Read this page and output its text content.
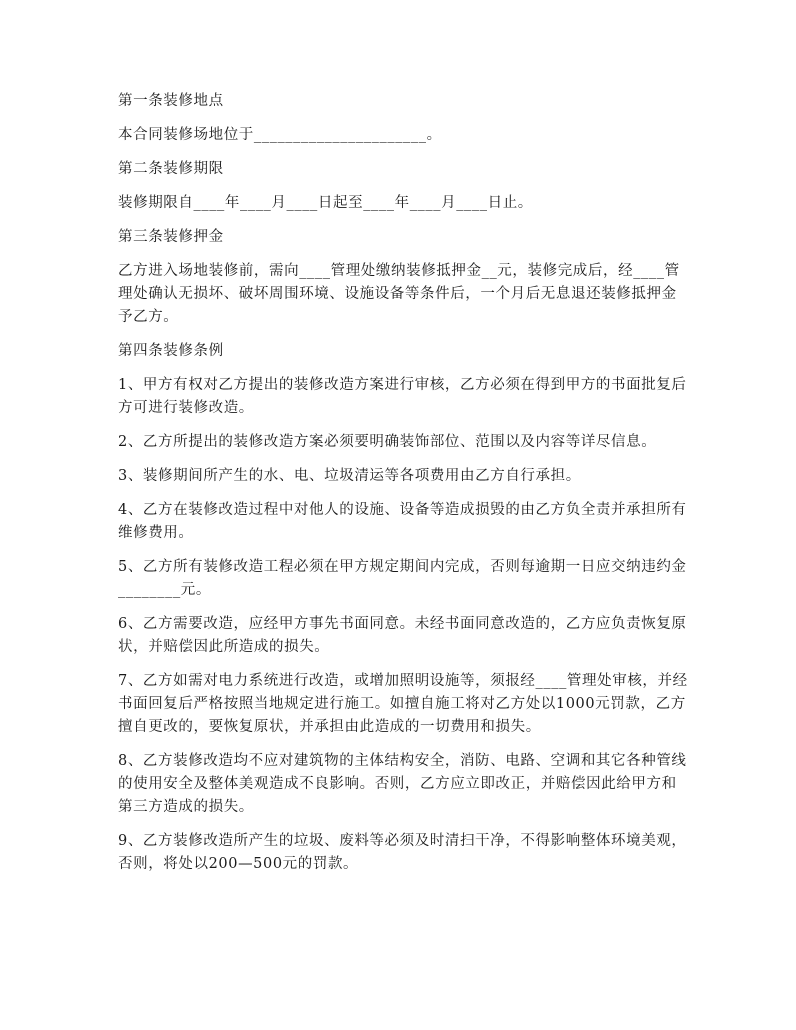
第一条装修地点

本合同装修场地位于______________________。

第二条装修期限

装修期限自____年____月____日起至____年____月____日止。

第三条装修押金

乙方进入场地装修前，需向____管理处缴纳装修抵押金__元，装修完成后，经____管理处确认无损坏、破坏周围环境、设施设备等条件后，一个月后无息退还装修抵押金予乙方。

第四条装修条例

1、甲方有权对乙方提出的装修改造方案进行审核，乙方必须在得到甲方的书面批复后方可进行装修改造。

2、乙方所提出的装修改造方案必须要明确装饰部位、范围以及内容等详尽信息。

3、装修期间所产生的水、电、垃圾清运等各项费用由乙方自行承担。

4、乙方在装修改造过程中对他人的设施、设备等造成损毁的由乙方负全责并承担所有维修费用。

5、乙方所有装修改造工程必须在甲方规定期间内完成，否则每逾期一日应交纳违约金________元。

6、乙方需要改造，应经甲方事先书面同意。未经书面同意改造的，乙方应负责恢复原状，并赔偿因此所造成的损失。

7、乙方如需对电力系统进行改造，或增加照明设施等，须报经____管理处审核，并经书面回复后严格按照当地规定进行施工。如擅自施工将对乙方处以1000元罚款，乙方擅自更改的，要恢复原状，并承担由此造成的一切费用和损失。

8、乙方装修改造均不应对建筑物的主体结构安全，消防、电路、空调和其它各种管线的使用安全及整体美观造成不良影响。否则，乙方应立即改正，并赔偿因此给甲方和第三方造成的损失。

9、乙方装修改造所产生的垃圾、废料等必须及时清扫干净，不得影响整体环境美观，否则，将处以200—500元的罚款。
